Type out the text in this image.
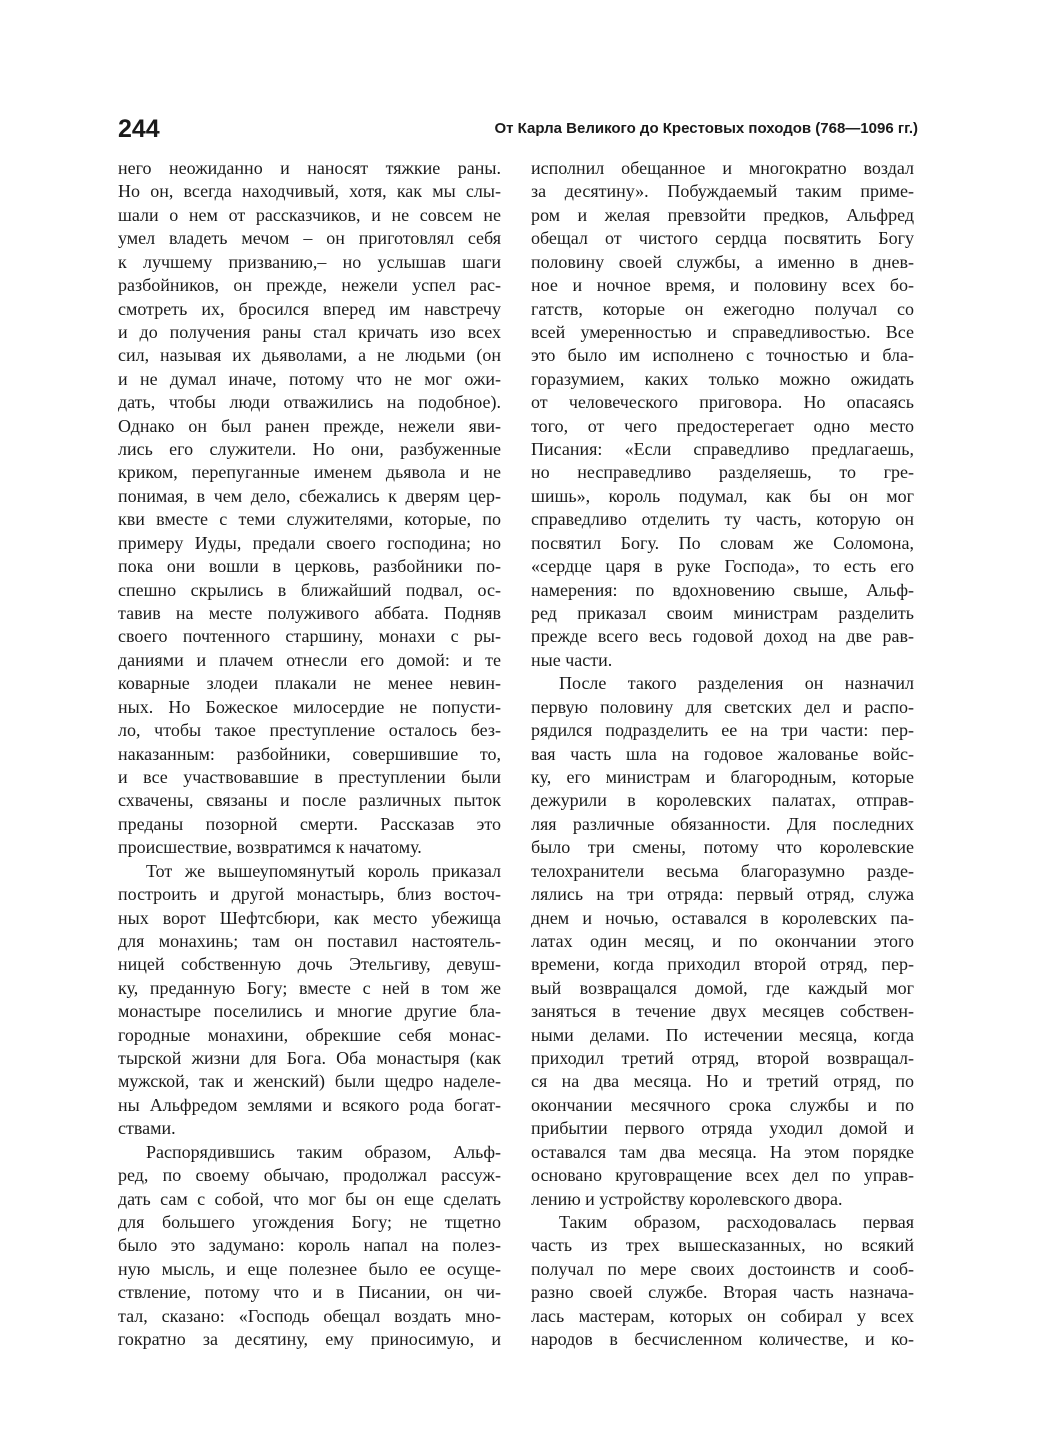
244	От Карла Великого до Крестовых походов (768—1096 гг.)
него неожиданно и наносят тяжкие раны.
Но он, всегда находчивый, хотя, как мы слы-
шали о нем от рассказчиков, и не совсем не
умел владеть мечом – он приготовлял себя
к лучшему призванию,– но услышав шаги
разбойников, он прежде, нежели успел рас-
смотреть их, бросился вперед им навстречу
и до получения раны стал кричать изо всех
сил, называя их дьяволами, а не людьми (он
и не думал иначе, потому что не мог ожи-
дать, чтобы люди отважились на подобное).
Однако он был ранен прежде, нежели яви-
лись его служители. Но они, разбуженные
криком, перепуганные именем дьявола и не
понимая, в чем дело, сбежались к дверям цер-
кви вместе с теми служителями, которые, по
примеру Иуды, предали своего господина; но
пока они вошли в церковь, разбойники по-
спешно скрылись в ближайший подвал, ос-
тавив на месте полуживого аббата. Подняв
своего почтенного старшину, монахи с ры-
даниями и плачем отнесли его домой: и те
коварные злодеи плакали не менее невин-
ных. Но Божеское милосердие не попусти-
ло, чтобы такое преступление осталось без-
наказанным: разбойники, совершившие то,
и все участвовавшие в преступлении были
схвачены, связаны и после различных пыток
преданы позорной смерти. Рассказав это
происшествие, возвратимся к начатому.
Тот же вышеупомянутый король приказал
построить и другой монастырь, близ восточ-
ных ворот Шефтсбюри, как место убежища
для монахинь; там он поставил настоятель-
ницей собственную дочь Этельгиву, девуш-
ку, преданную Богу; вместе с ней в том же
монастыре поселились и многие другие бла-
городные монахини, обрекшие себя монас-
тырской жизни для Бога. Оба монастыря (как
мужской, так и женский) были щедро наделе-
ны Альфредом землями и всякого рода богат-
ствами.
Распорядившись таким образом, Альф-
ред, по своему обычаю, продолжал рассуж-
дать сам с собой, что мог бы он еще сделать
для большего угождения Богу; не тщетно
было это задумано: король напал на полез-
ную мысль, и еще полезнее было ее осуще-
ствление, потому что и в Писании, он чи-
тал, сказано: «Господь обещал воздать мно-
гократно за десятину, ему приносимую, и
исполнил обещанное и многократно воздал
за десятину». Побуждаемый таким приме-
ром и желая превзойти предков, Альфред
обещал от чистого сердца посвятить Богу
половину своей службы, а именно в днев-
ное и ночное время, и половину всех бо-
гатств, которые он ежегодно получал со
всей умеренностью и справедливостью. Все
это было им исполнено с точностью и бла-
горазумием, каких только можно ожидать
от человеческого приговора. Но опасаясь
того, от чего предостерегает одно место
Писания: «Если справедливо предлагаешь,
но несправедливо разделяешь, то гре-
шишь», король подумал, как бы он мог
справедливо отделить ту часть, которую он
посвятил Богу. По словам же Соломона,
«сердце царя в руке Господа», то есть его
намерения: по вдохновению свыше, Альф-
ред приказал своим министрам разделить
прежде всего весь годовой доход на две рав-
ные части.
После такого разделения он назначил
первую половину для светских дел и распо-
рядился подразделить ее на три части: пер-
вая часть шла на годовое жалованье войс-
ку, его министрам и благородным, которые
дежурили в королевских палатах, отправ-
ляя различные обязанности. Для последних
было три смены, потому что королевские
телохранители весьма благоразумно разде-
лялись на три отряда: первый отряд, служа
днем и ночью, оставался в королевских па-
латах один месяц, и по окончании этого
времени, когда приходил второй отряд, пер-
вый возвращался домой, где каждый мог
заняться в течение двух месяцев собствен-
ными делами. По истечении месяца, когда
приходил третий отряд, второй возвращал-
ся на два месяца. Но и третий отряд, по
окончании месячного срока службы и по
прибытии первого отряда уходил домой и
оставался там два месяца. На этом порядке
основано круговращение всех дел по управ-
лению и устройству королевского двора.
Таким образом, расходовалась первая
часть из трех вышесказанных, но всякий
получал по мере своих достоинств и сооб-
разно своей службе. Вторая часть назнача-
лась мастерам, которых он собирал у всех
народов в бесчисленном количестве, и ко-
